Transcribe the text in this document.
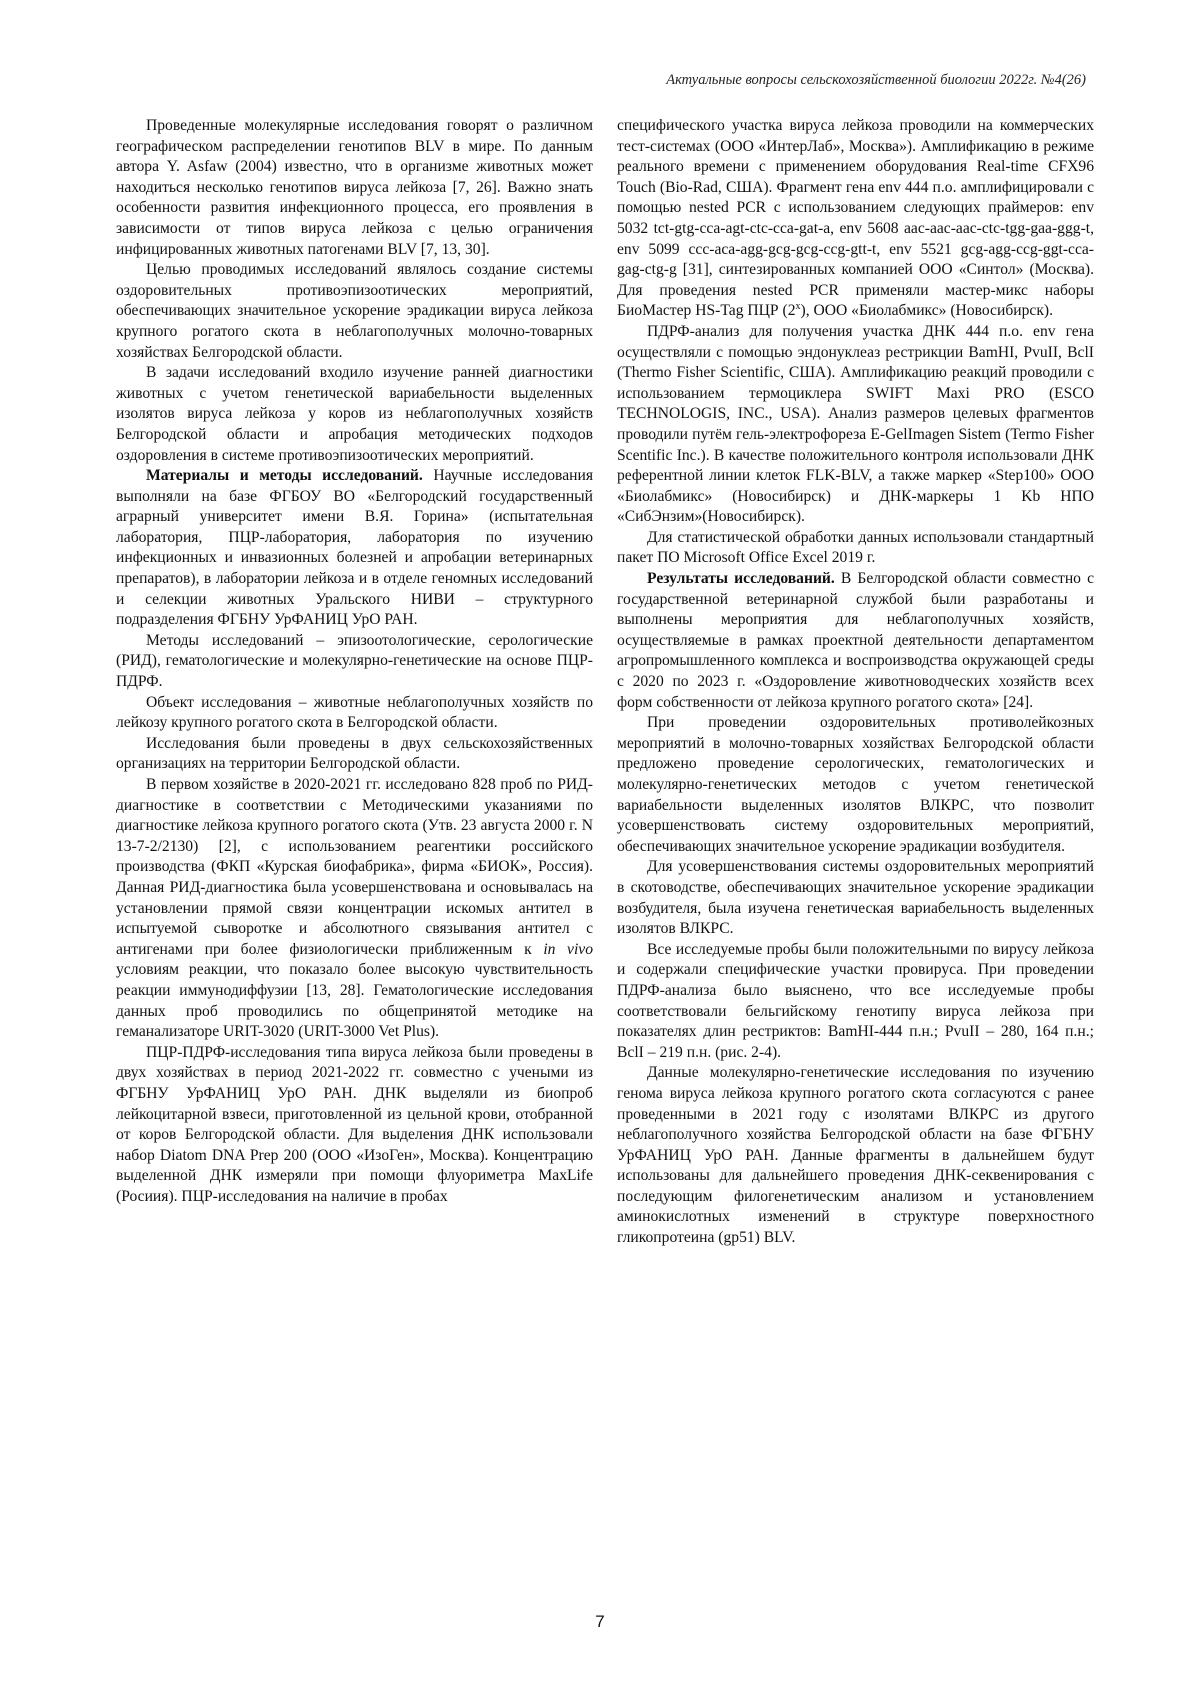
Актуальные вопросы сельскохозяйственной биологии 2022г. №4(26)

Проведенные молекулярные исследования говорят о различном географическом распределении генотипов BLV в мире. По данным автора Y. Asfaw (2004) известно, что в организме животных может находиться несколько генотипов вируса лейкоза [7, 26]. Важно знать особенности развития инфекционного процесса, его проявления в зависимости от типов вируса лейкоза с целью ограничения инфицированных животных патогенами BLV [7, 13, 30].

Целью проводимых исследований являлось создание системы оздоровительных противоэпизоотических мероприятий, обеспечивающих значительное ускорение эрадикации вируса лейкоза крупного рогатого скота в неблагополучных молочно-товарных хозяйствах Белгородской области.

В задачи исследований входило изучение ранней диагностики животных с учетом генетической вариабельности выделенных изолятов вируса лейкоза у коров из неблагополучных хозяйств Белгородской области и апробация методических подходов оздоровления в системе противоэпизоотических мероприятий.

Материалы и методы исследований. Научные исследования выполняли на базе ФГБОУ ВО «Белгородский государственный аграрный университет имени В.Я. Горина» (испытательная лаборатория, ПЦР-лаборатория, лаборатория по изучению инфекционных и инвазионных болезней и апробации ветеринарных препаратов), в лаборатории лейкоза и в отделе геномных исследований и селекции животных Уральского НИВИ – структурного подразделения ФГБНУ УрФАНИЦ УрО РАН.

Методы исследований – эпизоотологические, серологические (РИД), гематологические и молекулярно-генетические на основе ПЦР-ПДРФ.

Объект исследования – животные неблагополучных хозяйств по лейкозу крупного рогатого скота в Белгородской области.

Исследования были проведены в двух сельскохозяйственных организациях на территории Белгородской области.

В первом хозяйстве в 2020-2021 гг. исследовано 828 проб по РИД-диагностике в соответствии с Методическими указаниями по диагностике лейкоза крупного рогатого скота (Утв. 23 августа 2000 г. N 13-7-2/2130) [2], с использованием реагентики российского производства (ФКП «Курская биофабрика», фирма «БИОК», Россия). Данная РИД-диагностика была усовершенствована и основывалась на установлении прямой связи концентрации искомых антител в испытуемой сыворотке и абсолютного связывания антител с антигенами при более физиологически приближенным к in vivo условиям реакции, что показало более высокую чувствительность реакции иммунодиффузии [13, 28]. Гематологические исследования данных проб проводились по общепринятой методике на геманализаторе URIT-3020 (URIT-3000 Vet Plus).

ПЦР-ПДРФ-исследования типа вируса лейкоза были проведены в двух хозяйствах в период 2021-2022 гг. совместно с учеными из ФГБНУ УрФАНИЦ УрО РАН. ДНК выделяли из биопроб лейкоцитарной взвеси, приготовленной из цельной крови, отобранной от коров Белгородской области. Для выделения ДНК использовали набор Diatom DNA Prep 200 (ООО «ИзоГен», Москва). Концентрацию выделенной ДНК измеряли при помощи флуориметра MaxLife (Росиия). ПЦР-исследования на наличие в пробах

специфического участка вируса лейкоза проводили на коммерческих тест-системах (ООО «ИнтерЛаб», Москва»). Амплификацию в режиме реального времени с применением оборудования Real-time CFX96 Touch (Bio-Rad, США). Фрагмент гена env 444 п.о. амплифицировали с помощью nested PCR с использованием следующих праймеров: env 5032 tct-gtg-cca-agt-ctc-cca-gat-a, env 5608 aac-aac-aac-ctc-tgg-gaa-ggg-t, env 5099 ccc-aca-agg-gcg-gcg-ccg-gtt-t, env 5521 gcg-agg-ccg-ggt-cca-gag-ctg-g [31], синтезированных компанией ООО «Синтол» (Москва). Для проведения nested PCR применяли мастер-микс наборы БиоМастер HS-Tag ПЦР $(2^х)$, ООО «Биолабмикс» (Новосибирск).

ПДРФ-анализ для получения участка ДНК 444 п.о. env гена осуществляли с помощью эндонуклеаз рестрикции BamHI, PvuII, BclI (Thermo Fisher Scientific, США). Амплификацию реакций проводили с использованием термоциклера SWIFT Maxi PRO (ESCO TECHNOLOGIS, INC., USA). Анализ размеров целевых фрагментов проводили путём гель-электрофореза E-GelImagen Sistem (Termo Fisher Scentific Inc.). В качестве положительного контроля использовали ДНК референтной линии клеток FLK-BLV, а также маркер «Step100» ООО «Биолабмикс» (Новосибирск) и ДНК-маркеры 1 Kb НПО «СибЭнзим»(Новосибирск).

Для статистической обработки данных использовали стандартный пакет ПО Microsoft Office Excel 2019 г.

Результаты исследований. В Белгородской области совместно с государственной ветеринарной службой были разработаны и выполнены мероприятия для неблагополучных хозяйств, осуществляемые в рамках проектной деятельности департаментом агропромышленного комплекса и воспроизводства окружающей среды с 2020 по 2023 г. «Оздоровление животноводческих хозяйств всех форм собственности от лейкоза крупного рогатого скота» [24].

При проведении оздоровительных противолейкозных мероприятий в молочно-товарных хозяйствах Белгородской области предложено проведение серологических, гематологических и молекулярно-генетических методов с учетом генетической вариабельности выделенных изолятов ВЛКРС, что позволит усовершенствовать систему оздоровительных мероприятий, обеспечивающих значительное ускорение эрадикации возбудителя.

Для усовершенствования системы оздоровительных мероприятий в скотоводстве, обеспечивающих значительное ускорение эрадикации возбудителя, была изучена генетическая вариабельность выделенных изолятов ВЛКРС.

Все исследуемые пробы были положительными по вирусу лейкоза и содержали специфические участки провируса. При проведении ПДРФ-анализа было выяснено, что все исследуемые пробы соответствовали бельгийскому генотипу вируса лейкоза при показателях длин рестриктов: BamHI-444 п.н.; PvuII – 280, 164 п.н.; BclI – 219 п.н. (рис. 2-4).

Данные молекулярно-генетические исследования по изучению генома вируса лейкоза крупного рогатого скота согласуются с ранее проведенными в 2021 году с изолятами ВЛКРС из другого неблагополучного хозяйства Белгородской области на базе ФГБНУ УрФАНИЦ УрО РАН. Данные фрагменты в дальнейшем будут использованы для дальнейшего проведения ДНК-секвенирования с последующим филогенетическим анализом и установлением аминокислотных изменений в структуре поверхностного гликопротеина (gp51) BLV.

7
